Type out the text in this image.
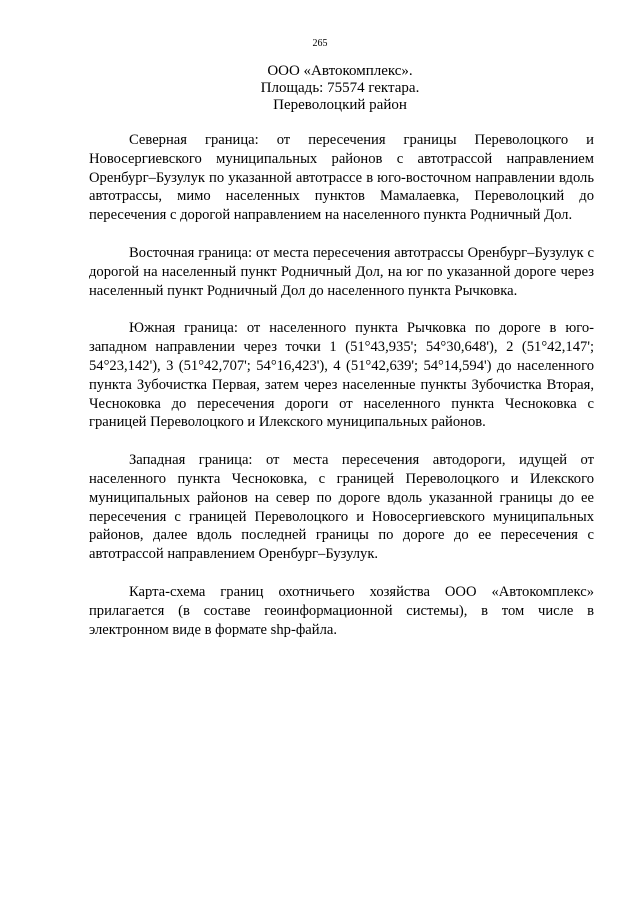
265
ООО «Автокомплекс».
Площадь: 75574 гектара.
Переволоцкий район

Северная граница: от пересечения границы Переволоцкого и Новосергиевского муниципальных районов с автотрассой направлением Оренбург–Бузулук по указанной автотрассе в юго-восточном направлении вдоль автотрассы, мимо населенных пунктов Мамалаевка, Переволоцкий до пересечения с дорогой направлением на населенного пункта Родничный Дол.

Восточная граница: от места пересечения автотрассы Оренбург–Бузулук с дорогой на населенный пункт Родничный Дол, на юг по указанной дороге через населенный пункт Родничный Дол до населенного пункта Рычковка.

Южная граница: от населенного пункта Рычковка по дороге в юго-западном направлении через точки 1 (51°43,935'; 54°30,648'), 2 (51°42,147'; 54°23,142'), 3 (51°42,707'; 54°16,423'), 4 (51°42,639'; 54°14,594') до населенного пункта Зубочистка Первая, затем через населенные пункты Зубочистка Вторая, Чесноковка до пересечения дороги от населенного пункта Чесноковка с границей Переволоцкого и Илекского муниципальных районов.

Западная граница: от места пересечения автодороги, идущей от населенного пункта Чесноковка, с границей Переволоцкого и Илекского муниципальных районов на север по дороге вдоль указанной границы до ее пересечения с границей Переволоцкого и Новосергиевского муниципальных районов, далее вдоль последней границы по дороге до ее пересечения с автотрассой направлением Оренбург–Бузулук.

Карта-схема границ охотничьего хозяйства ООО «Автокомплекс» прилагается (в составе геоинформационной системы), в том числе в электронном виде в формате shp-файла.
